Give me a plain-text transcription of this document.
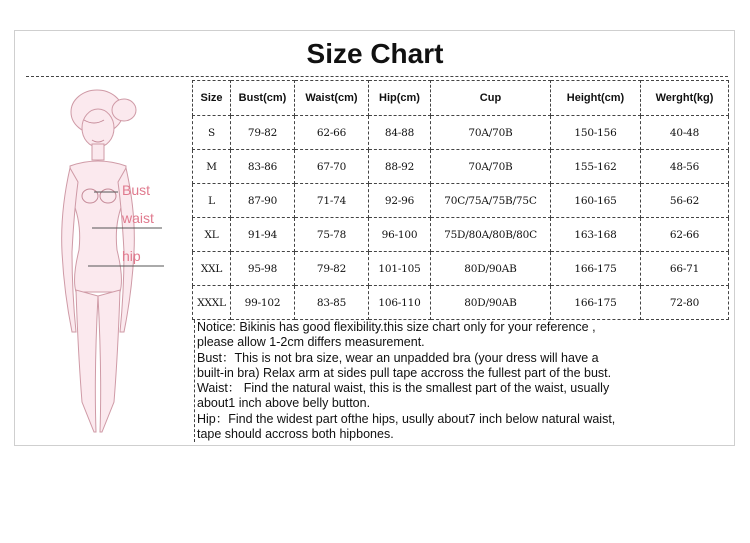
Size Chart
Bust
waist
hip
Size	Bust(cm)	Waist(cm)	Hip(cm)	Cup	Height(cm)	Werght(kg)
S	79-82	62-66	84-88	70A/70B	150-156	40-48
M	83-86	67-70	88-92	70A/70B	155-162	48-56
L	87-90	71-74	92-96	70C/75A/75B/75C	160-165	56-62
XL	91-94	75-78	96-100	75D/80A/80B/80C	163-168	62-66
XXL	95-98	79-82	101-105	80D/90AB	166-175	66-71
XXXL	99-102	83-85	106-110	80D/90AB	166-175	72-80

Notice: Bikinis has good flexibility.this size chart only for your reference ,

please allow 1-2cm differs measurement.

Bust：This is not bra size, wear an unpadded bra (your dress will have a

built-in bra) Relax arm at sides pull tape accross the fullest part of the bust.

Waist： Find the natural waist, this is the smallest part of the waist, usually

about1 inch above belly button.

Hip：Find the widest part ofthe hips, usully about7 inch below natural waist,

tape should accross both hipbones.
